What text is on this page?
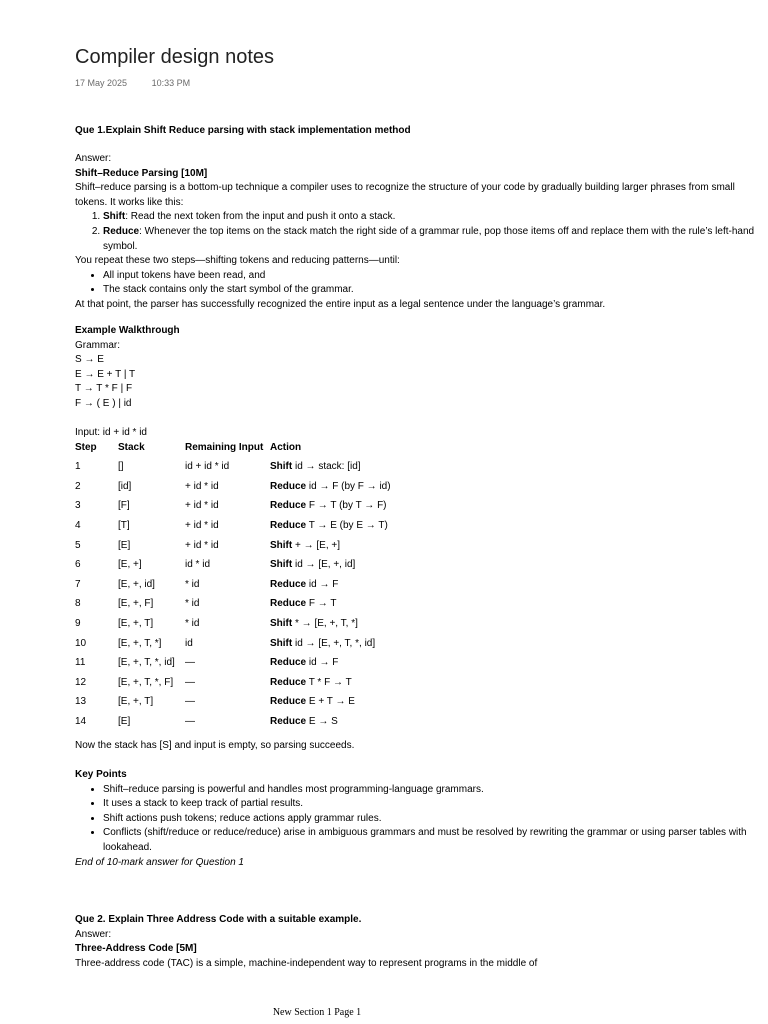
Compiler design notes
17 May 2025	10:33 PM

Que 1.Explain Shift Reduce parsing with stack implementation method

Answer:

Shift–Reduce Parsing [10M]

Shift–reduce parsing is a bottom-up technique a compiler uses to recognize the structure of your code by gradually building larger phrases from small tokens. It works like this:

1. Shift: Read the next token from the input and push it onto a stack.
2. Reduce: Whenever the top items on the stack match the right side of a grammar rule, pop those items off and replace them with the rule’s left-hand symbol.

You repeat these two steps—shifting tokens and reducing patterns—until:

• All input tokens have been read, and
• The stack contains only the start symbol of the grammar.

At that point, the parser has successfully recognized the entire input as a legal sentence under the language’s grammar.

Example Walkthrough

Grammar:

S → E

E → E + T | T

T → T * F | F

F → ( E ) | id

Input: id + id * id

Step	Stack	Remaining Input	Action
1	[]	id + id * id	Shift id → stack: [id]
2	[id]	+ id * id	Reduce id → F (by F → id)
3	[F]	+ id * id	Reduce F → T (by T → F)
4	[T]	+ id * id	Reduce T → E (by E → T)
5	[E]	+ id * id	Shift + → [E, +]
6	[E, +]	id * id	Shift id → [E, +, id]
7	[E, +, id]	* id	Reduce id → F
8	[E, +, F]	* id	Reduce F → T
9	[E, +, T]	* id	Shift * → [E, +, T, *]
10	[E, +, T, *]	id	Shift id → [E, +, T, *, id]
11	[E, +, T, *, id]	—	Reduce id → F
12	[E, +, T, *, F]	—	Reduce T * F → T
13	[E, +, T]	—	Reduce E + T → E
14	[E]	—	Reduce E → S

Now the stack has [S] and input is empty, so parsing succeeds.

Key Points

• Shift–reduce parsing is powerful and handles most programming-language grammars.
• It uses a stack to keep track of partial results.
• Shift actions push tokens; reduce actions apply grammar rules.
• Conflicts (shift/reduce or reduce/reduce) arise in ambiguous grammars and must be resolved by rewriting the grammar or using parser tables with lookahead.

End of 10-mark answer for Question 1

Que 2. Explain Three Address Code with a suitable example.

Answer:

Three-Address Code [5M]

Three-address code (TAC) is a simple, machine-independent way to represent programs in the middle of

New Section 1 Page 1
